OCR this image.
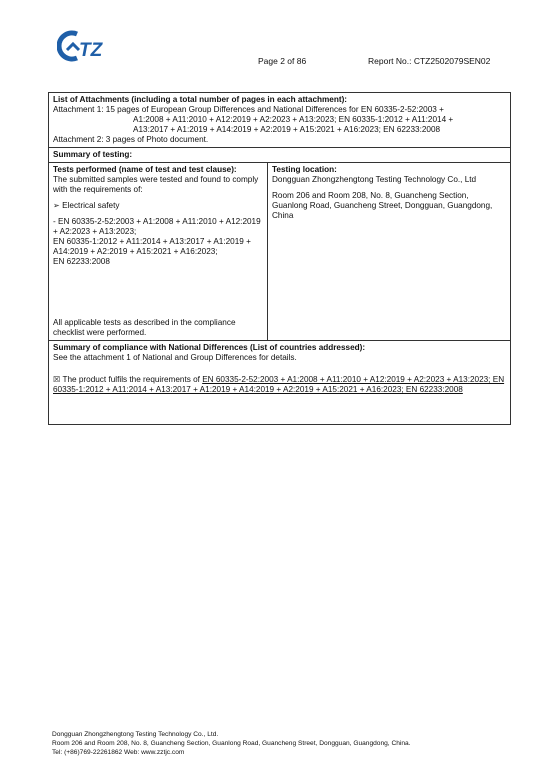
TZ	Page 2 of 86	Report No.: CTZ2502079SEN02
List of Attachments (including a total number of pages in each attachment):
Attachment 1: 15 pages of European Group Differences and National Differences for EN 60335-2-52:2003 +
A1:2008 + A11:2010 + A12:2019 + A2:2023 + A13:2023; EN 60335-1:2012 + A11:2014 +
A13:2017 + A1:2019 + A14:2019 + A2:2019 + A15:2021 + A16:2023; EN 62233:2008
Attachment 2: 3 pages of Photo document.
Summary of testing:
Tests performed (name of test and test clause):
The submitted samples were tested and found to comply with the requirements of:
➢ Electrical safety
- EN 60335-2-52:2003 + A1:2008 + A11:2010 + A12:2019 + A2:2023 + A13:2023;
EN 60335-1:2012 + A11:2014 + A13:2017 + A1:2019 + A14:2019 + A2:2019 + A15:2021 + A16:2023;
EN 62233:2008
All applicable tests as described in the compliance checklist were performed.
Testing location:
Dongguan Zhongzhengtong Testing Technology Co., Ltd
Room 206 and Room 208, No. 8, Guancheng Section, Guanlong Road, Guancheng Street, Dongguan, Guangdong, China
Summary of compliance with National Differences (List of countries addressed):
See the attachment 1 of National and Group Differences for details.
☒ The product fulfils the requirements of EN 60335-2-52:2003 + A1:2008 + A11:2010 + A12:2019 + A2:2023 + A13:2023; EN 60335-1:2012 + A11:2014 + A13:2017 + A1:2019 + A14:2019 + A2:2019 + A15:2021 + A16:2023; EN 62233:2008
Dongguan Zhongzhengtong Testing Technology Co., Ltd.
Room 206 and Room 208, No. 8, Guancheng Section, Guanlong Road, Guancheng Street, Dongguan, Guangdong, China.
Tel: (+86)769-22261862 Web: www.zztjc.com
